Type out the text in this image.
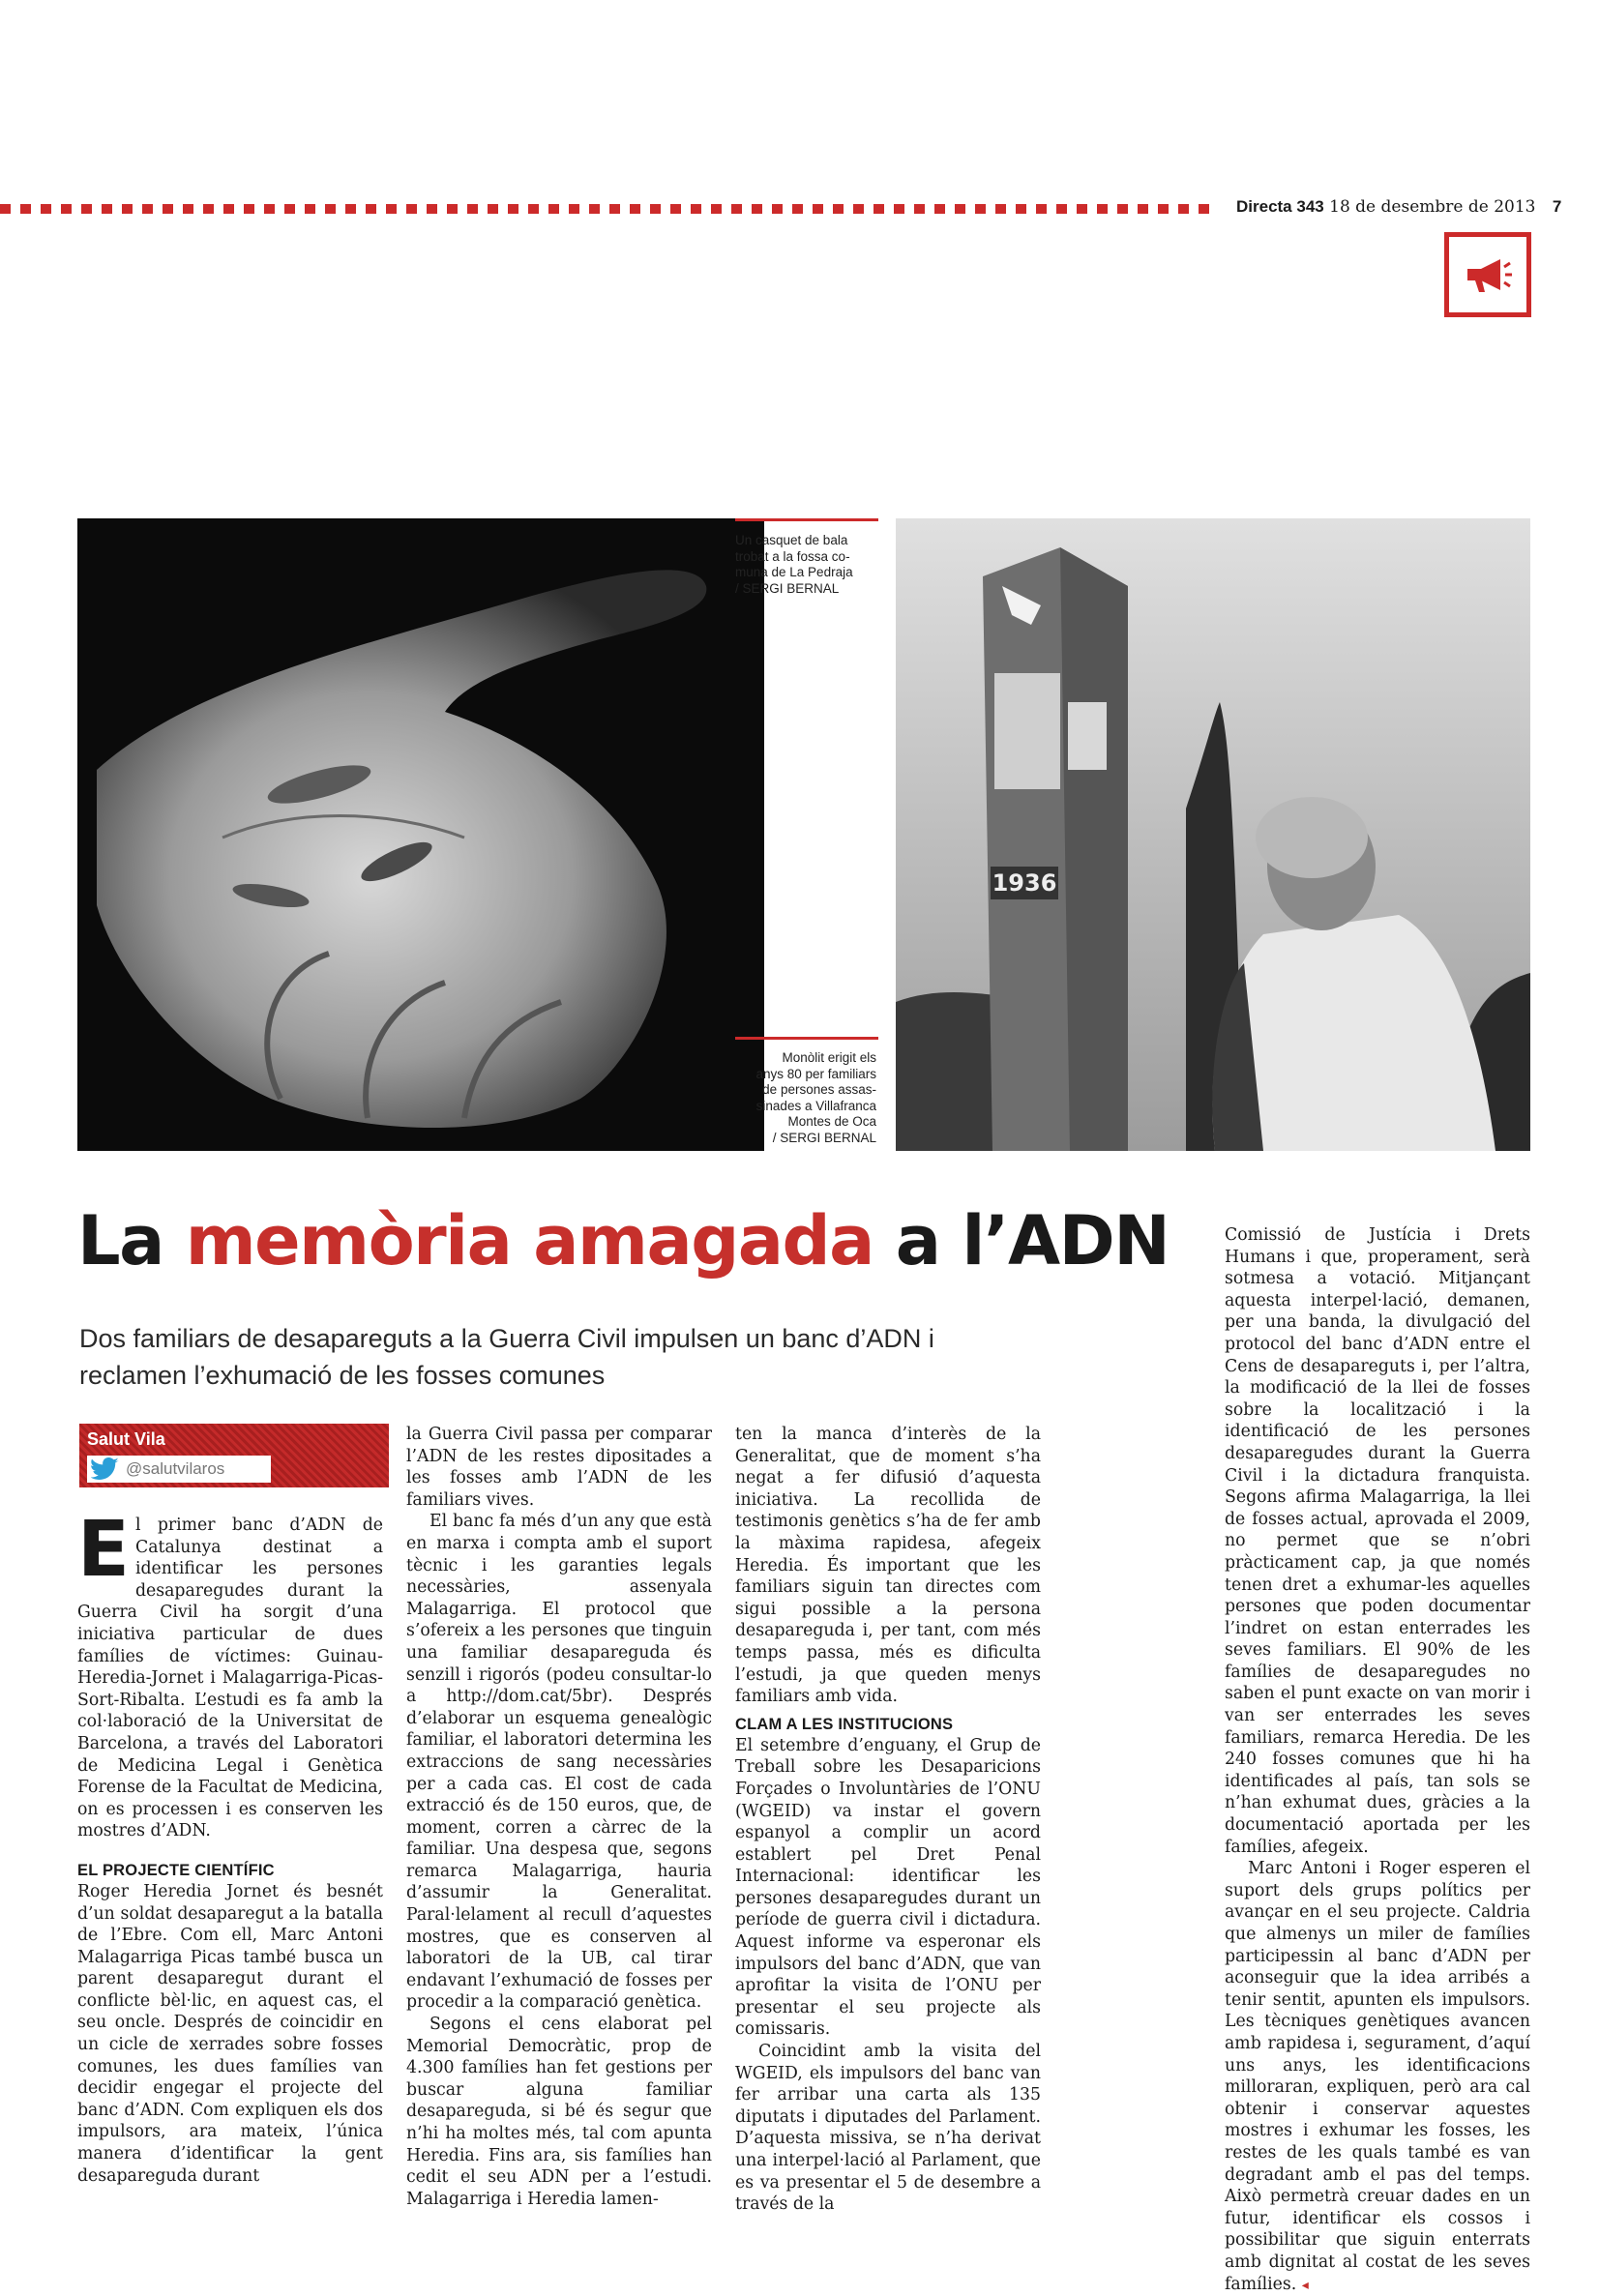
Directa 343 18 de desembre de 2013 7
Un casquet de bala
trobat a la fossa co-
muna de La Pedraja
/ SERGI BERNAL
Monòlit erigit els
anys 80 per familiars
de persones assas-
sinades a Villafranca
Montes de Oca
/ SERGI BERNAL
1936
La memòria amagada a l’ADN
Dos familiars de desapareguts a la Guerra Civil impulsen un banc d’ADN i reclamen l’exhumació de les fosses comunes
Salut Vila
@salutvilaros

El primer banc d’ADN de Catalunya destinat a identificar les persones desaparegudes durant la Guerra Civil ha sorgit d’una iniciativa particular de dues famílies de víctimes: Guinau-Heredia-Jornet i Malagarriga-Picas-Sort-Ribalta. L’estudi es fa amb la col·laboració de la Universitat de Barcelona, a través del Laboratori de Medicina Legal i Genètica Forense de la Facultat de Medicina, on es processen i es conserven les mostres d’ADN.

EL PROJECTE CIENTÍFIC

Roger Heredia Jornet és besnét d’un soldat desaparegut a la batalla de l’Ebre. Com ell, Marc Antoni Malagarriga Picas també busca un parent desaparegut durant el conflicte bèl·lic, en aquest cas, el seu oncle. Després de coincidir en un cicle de xerrades sobre fosses comunes, les dues famílies van decidir engegar el projecte del banc d’ADN. Com expliquen els dos impulsors, ara mateix, l’única manera d’identificar la gent desapareguda durant

la Guerra Civil passa per comparar l’ADN de les restes dipositades a les fosses amb l’ADN de les familiars vives.

El banc fa més d’un any que està en marxa i compta amb el suport tècnic i les garanties legals necessàries, assenyala Malagarriga. El protocol que s’ofereix a les persones que tinguin una familiar desapareguda és senzill i rigorós (podeu consultar-lo a http://dom.cat/5br). Després d’elaborar un esquema genealògic familiar, el laboratori determina les extraccions de sang necessàries per a cada cas. El cost de cada extracció és de 150 euros, que, de moment, corren a càrrec de la familiar. Una despesa que, segons remarca Malagarriga, hauria d’assumir la Generalitat. Paral·lelament al recull d’aquestes mostres, que es conserven al laboratori de la UB, cal tirar endavant l’exhumació de fosses per procedir a la comparació genètica.

Segons el cens elaborat pel Memorial Democràtic, prop de 4.300 famílies han fet gestions per buscar alguna familiar desapareguda, si bé és segur que n’hi ha moltes més, tal com apunta Heredia. Fins ara, sis famílies han cedit el seu ADN per a l’estudi. Malagarriga i Heredia lamen-

ten la manca d’interès de la Generalitat, que de moment s’ha negat a fer difusió d’aquesta iniciativa. La recollida de testimonis genètics s’ha de fer amb la màxima rapidesa, afegeix Heredia. És important que les familiars siguin tan directes com sigui possible a la persona desapareguda i, per tant, com més temps passa, més es dificulta l’estudi, ja que queden menys familiars amb vida.

CLAM A LES INSTITUCIONS

El setembre d’enguany, el Grup de Treball sobre les Desaparicions Forçades o Involuntàries de l’ONU (WGEID) va instar el govern espanyol a complir un acord establert pel Dret Penal Internacional: identificar les persones desaparegudes durant un període de guerra civil i dictadura. Aquest informe va esperonar els impulsors del banc d’ADN, que van aprofitar la visita de l’ONU per presentar el seu projecte als comissaris.

Coincidint amb la visita del WGEID, els impulsors del banc van fer arribar una carta als 135 diputats i diputades del Parlament. D’aquesta missiva, se n’ha derivat una interpel·lació al Parlament, que es va presentar el 5 de desembre a través de la

Comissió de Justícia i Drets Humans i que, properament, serà sotmesa a votació. Mitjançant aquesta interpel·lació, demanen, per una banda, la divulgació del protocol del banc d’ADN entre el Cens de desapareguts i, per l’altra, la modificació de la llei de fosses sobre la localització i la identificació de les persones desaparegudes durant la Guerra Civil i la dictadura franquista. Segons afirma Malagarriga, la llei de fosses actual, aprovada el 2009, no permet que se n’obri pràcticament cap, ja que només tenen dret a exhumar-les aquelles persones que poden documentar l’indret on estan enterrades les seves familiars. El 90% de les famílies de desaparegudes no saben el punt exacte on van morir i van ser enterrades les seves familiars, remarca Heredia. De les 240 fosses comunes que hi ha identificades al país, tan sols se n’han exhumat dues, gràcies a la documentació aportada per les famílies, afegeix.

Marc Antoni i Roger esperen el suport dels grups polítics per avançar en el seu projecte. Caldria que almenys un miler de famílies participessin al banc d’ADN per aconseguir que la idea arribés a tenir sentit, apunten els impulsors. Les tècniques genètiques avancen amb rapidesa i, segurament, d’aquí uns anys, les identificacions milloraran, expliquen, però ara cal obtenir i conservar aquestes mostres i exhumar les fosses, les restes de les quals també es van degradant amb el pas del temps. Això permetrà creuar dades en un futur, identificar els cossos i possibilitar que siguin enterrats amb dignitat al costat de les seves famílies. ◂
